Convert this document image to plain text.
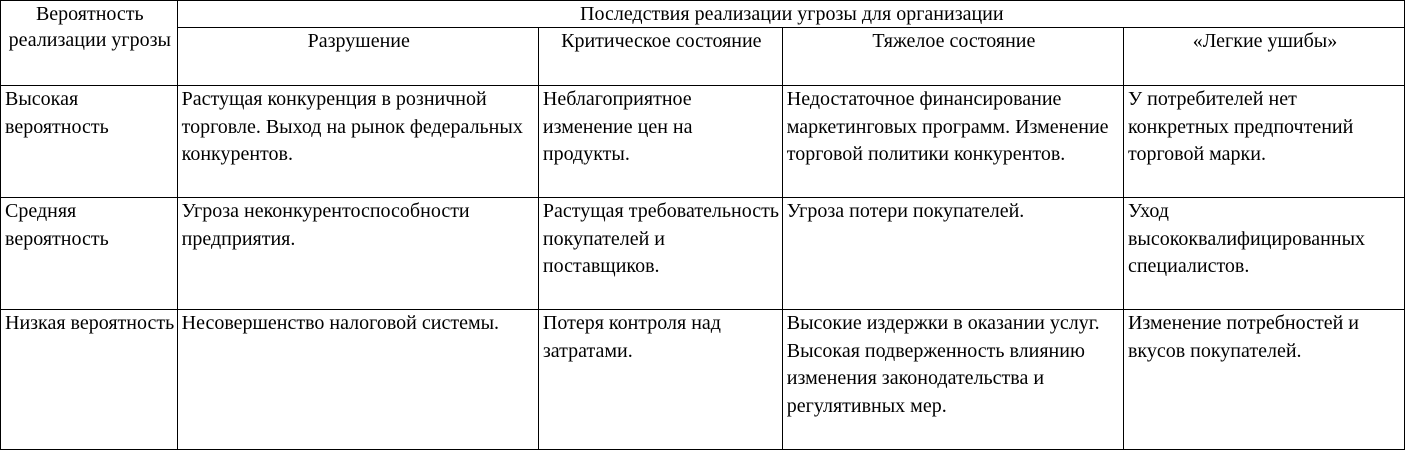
Вероятность реализации угрозы	Последствия реализации угрозы для организации			
	Разрушение	Критическое состояние	Тяжелое состояние	«Легкие ушибы»
Высокая вероятность	Растущая конкуренция в розничной торговле. Выход на рынок федеральных конкурентов.	Неблагоприятное изменение цен на продукты.	Недостаточное финансирование маркетинговых программ. Изменение торговой политики конкурентов.	У потребителей нет конкретных предпочтений торговой марки.
Средняя вероятность	Угроза неконкурентоспособности предприятия.	Растущая требовательность покупателей и поставщиков.	Угроза потери покупателей.	Уход высококвалифицированных специалистов.
Низкая вероятность	Несовершенство налоговой системы.	Потеря контроля над затратами.	Высокие издержки в оказании услуг. Высокая подверженность влиянию изменения законодательства и регулятивных мер.	Изменение потребностей и вкусов покупателей.
